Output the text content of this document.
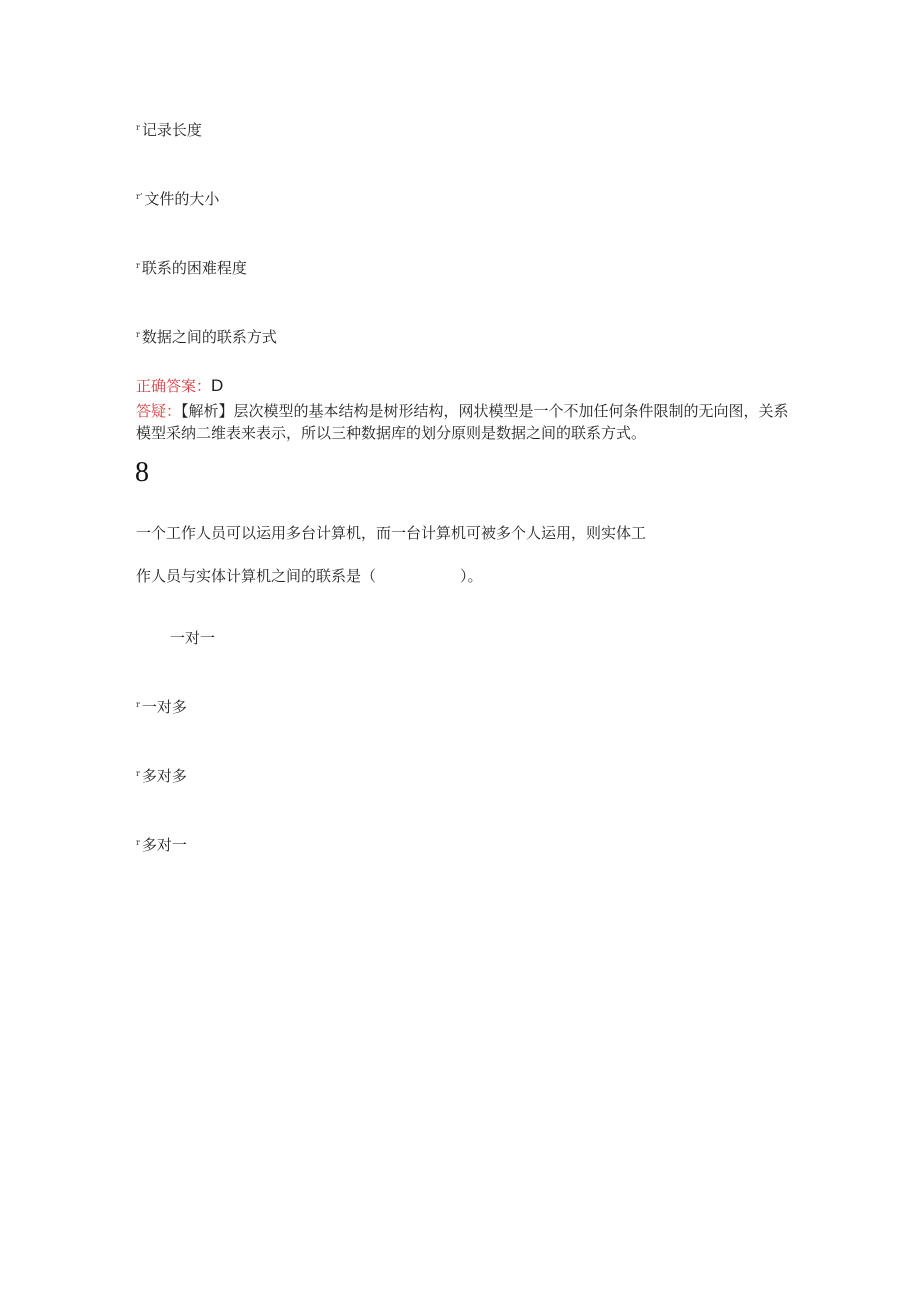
$^r$ 记录长度
$^{r’}$ 文件的大小
$^r$ 联系的困难程度
$^r$ 数据之间的联系方式
正确答案：D
答疑：【解析】层次模型的基本结构是树形结构，网状模型是一个不加任何条件限制的无向图，关系模型采纳二维表来表示，所以三种数据库的划分原则是数据之间的联系方式。
8
一个工作人员可以运用多台计算机，而一台计算机可被多个人运用，则实体工
作人员与实体计算机之间的联系是（	）。
一对一
$^r$ 一对多
$^r$ 多对多
$^r$ 多对一
